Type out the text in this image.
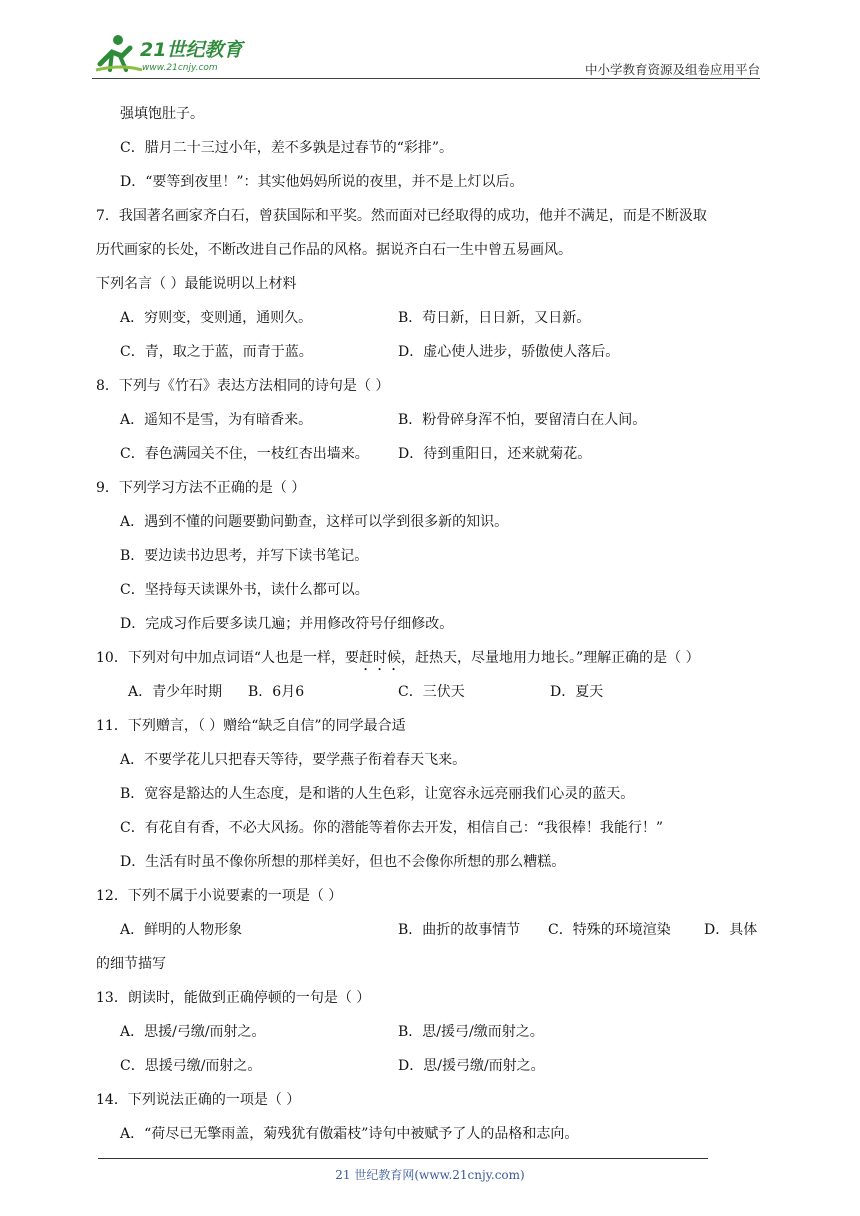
21世纪教育
www.21cnjy.com	中小学教育资源及组卷应用平台
强填饱肚子。
C．腊月二十三过小年，差不多孰是过春节的“彩排”。
D．“要等到夜里！”：其实他妈妈所说的夜里，并不是上灯以后。
7．我国著名画家齐白石，曾获国际和平奖。然而面对已经取得的成功，他并不满足，而是不断汲取
历代画家的长处，不断改进自己作品的风格。据说齐白石一生中曾五易画风。
下列名言（ ）最能说明以上材料
A．穷则变，变则通，通则久。	B．苟日新，日日新，又日新。
C．青，取之于蓝，而青于蓝。	D．虚心使人进步，骄傲使人落后。
8．下列与《竹石》表达方法相同的诗句是（ ）
A．遥知不是雪，为有暗香来。	B．粉骨碎身浑不怕，要留清白在人间。
C．春色满园关不住，一枝红杏出墙来。 D．待到重阳日，还来就菊花。
9．下列学习方法不正确的是（ ）
A．遇到不懂的问题要勤问勤查，这样可以学到很多新的知识。
B．要边读书边思考，并写下读书笔记。
C．坚持每天读课外书，读什么都可以。
D．完成习作后要多读几遍；并用修改符号仔细修改。
10．下列对句中加点词语“人也是一样，要赶时候，赶热天，尽量地用力地长。”理解正确的是（ ）
A．青少年时期 B．6月6	C．三伏天	D．夏天
11．下列赠言，（ ）赠给“缺乏自信”的同学最合适
A．不要学花儿只把春天等待，要学燕子衔着春天飞来。
B．宽容是豁达的人生态度，是和谐的人生色彩，让宽容永远亮丽我们心灵的蓝天。
C．有花自有香，不必大风扬。你的潜能等着你去开发，相信自己：“我很棒！我能行！”
D．生活有时虽不像你所想的那样美好，但也不会像你所想的那么糟糕。
12．下列不属于小说要素的一项是（ ）
A．鲜明的人物形象	B．曲折的故事情节 C．特殊的环境渲染 D．具体
的细节描写
13．朗读时，能做到正确停顿的一句是（ ）
A．思援/弓缴/而射之。	B．思/援弓/缴而射之。
C．思援弓缴/而射之。	D．思/援弓缴/而射之。
14．下列说法正确的一项是（ ）
A．“荷尽已无擎雨盖，菊残犹有傲霜枝”诗句中被赋予了人的品格和志向。
21 世纪教育网(www.21cnjy.com)
